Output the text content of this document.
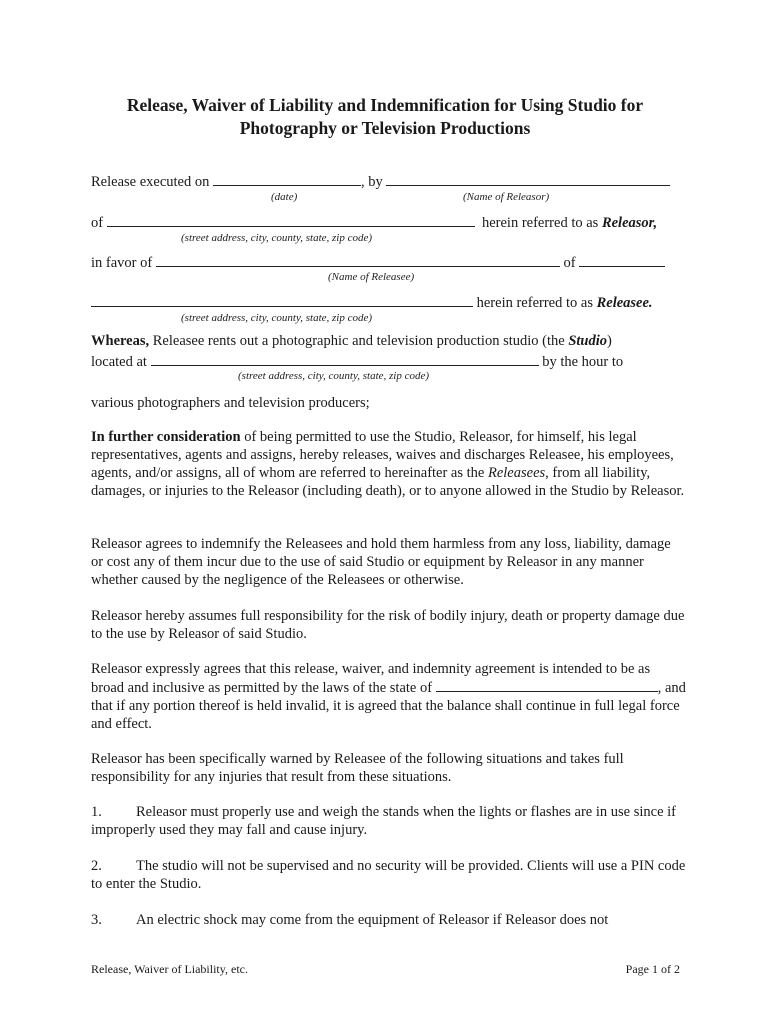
Release, Waiver of Liability and Indemnification for Using Studio for
Photography or Television Productions
Release executed on	, by
(date)	(Name of Releasor)
of	herein referred to as Releasor,
(street address, city, county, state, zip code)
in favor of	of
(Name of Releasee)
herein referred to as Releasee.
(street address, city, county, state, zip code)
Whereas, Releasee rents out a photographic and television production studio (the Studio)
located at	by the hour to
(street address, city, county, state, zip code)
various photographers and television producers;

In further consideration of being permitted to use the Studio, Releasor, for himself, his legal representatives, agents and assigns, hereby releases, waives and discharges Releasee, his employees, agents, and/or assigns, all of whom are referred to hereinafter as the Releasees, from all liability, damages, or injuries to the Releasor (including death), or to anyone allowed in the Studio by Releasor.

Releasor agrees to indemnify the Releasees and hold them harmless from any loss, liability, damage or cost any of them incur due to the use of said Studio or equipment by Releasor in any manner whether caused by the negligence of the Releasees or otherwise.
Releasor hereby assumes full responsibility for the risk of bodily injury, death or property damage due to the use by Releasor of said Studio.

Releasor expressly agrees that this release, waiver, and indemnity agreement is intended to be as broad and inclusive as permitted by the laws of the state of	, and that if any portion thereof is held invalid, it is agreed that the balance shall continue in full legal force and effect.

Releasor has been specifically warned by Releasee of the following situations and takes full responsibility for any injuries that result from these situations.

1. Releasor must properly use and weigh the stands when the lights or flashes are in use since if improperly used they may fall and cause injury.

2. The studio will not be supervised and no security will be provided. Clients will use a PIN code to enter the Studio.

3. An electric shock may come from the equipment of Releasor if Releasor does not

Release, Waiver of Liability, etc.	Page 1 of 2
